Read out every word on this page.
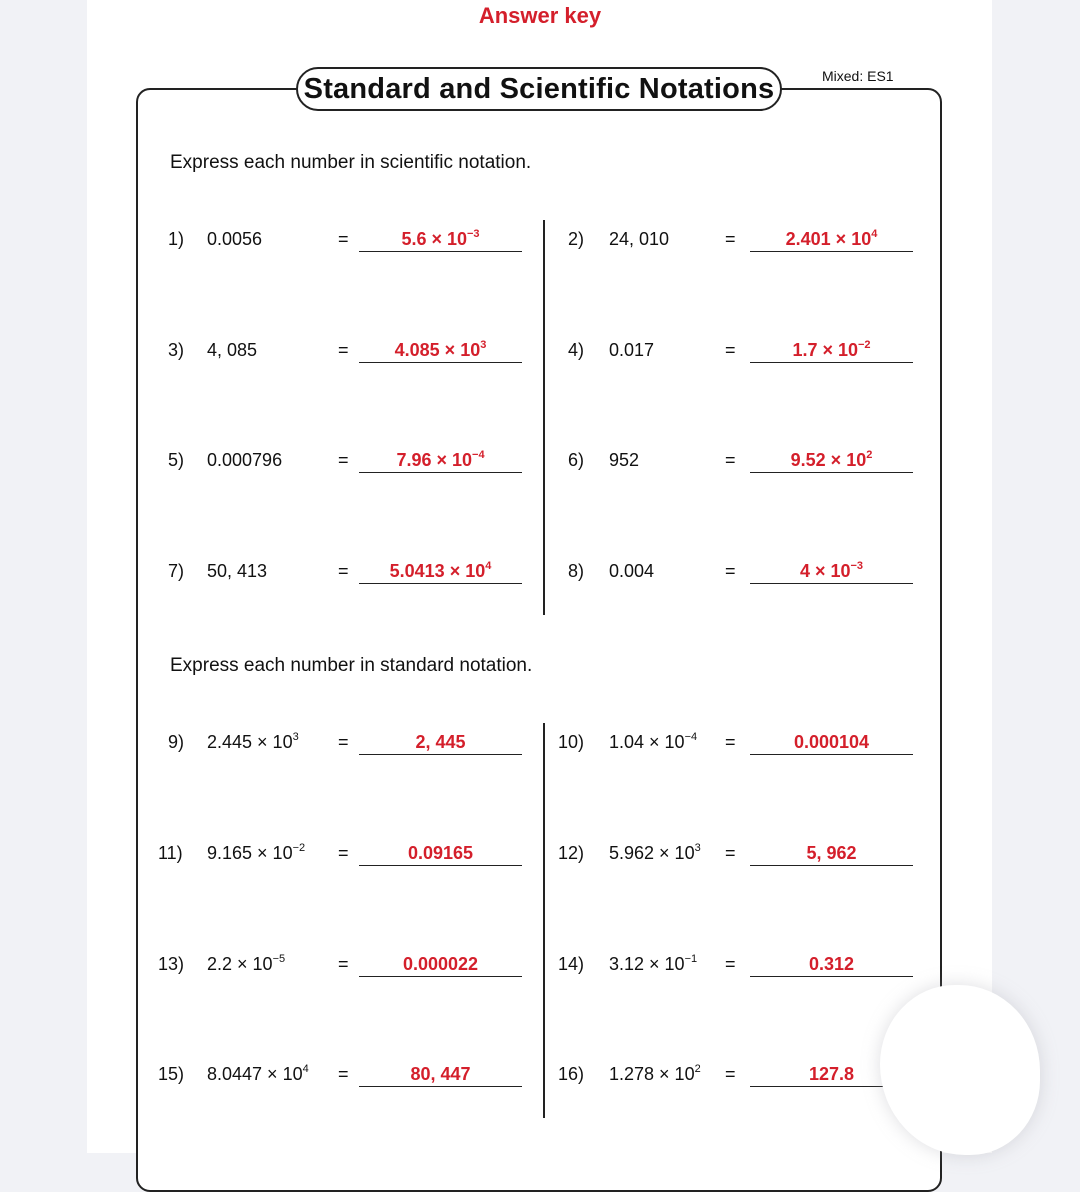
Answer key
Standard and Scientific Notations	Mixed: ES1
Express each number in scientific notation.
Express each number in standard notation.
1) 0.0056	=	$5.6 \times 10^{-3}$	2) 24, 010	=	$2.401 \times 10^4$
3) 4, 085	=	$4.085 \times 10^3$	4) 0.017	=	$1.7 \times 10^{-2}$
5) 0.000796	=	$7.96 \times 10^{-4}$	6) 952	=	$9.52 \times 10^2$
7) 50, 413	=	$5.0413 \times 10^4$	8) 0.004	=	$4 \times 10^{-3}$
9) $2.445 \times 10^3$ =	2, 445	10) $1.04 \times 10^{-4}$ =	0.000104
11) $9.165 \times 10^{-2}$ =	0.09165	12) $5.962 \times 10^3$ =	5, 962
13) $2.2 \times 10^{-5}$	=	0.000022	14) $3.12 \times 10^{-1}$ =	0.312
15) $8.0447 \times 10^4$ =	80, 447	16) $1.278 \times 10^2$ =	127.8
